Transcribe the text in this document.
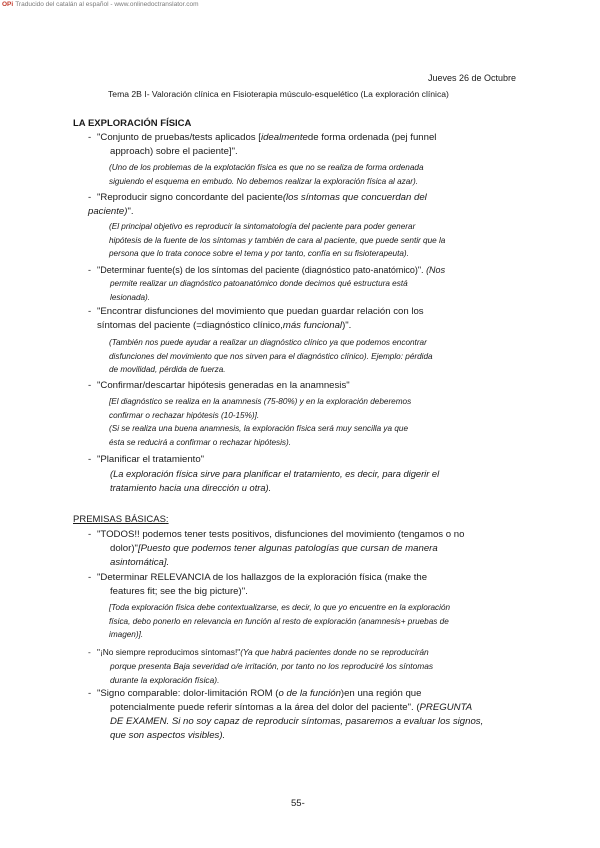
OPi Traducido del catalán al español - www.onlinedoctranslator.com
Jueves 26 de Octubre
Tema 2B I- Valoración clínica en Fisioterapia músculo-esquelético (La exploración clínica)
LA EXPLORACIÓN FÍSICA
- "Conjunto de pruebas/tests aplicados [idealmentede forma ordenada (pej funnel
approach) sobre el paciente]".
(Uno de los problemas de la explotación física es que no se realiza de forma ordenada
siguiendo el esquema en embudo. No debemos realizar la exploración física al azar).
- "Reproducir signo concordante del paciente(los síntomas que concuerdan del
paciente)".
(El principal objetivo es reproducir la sintomatología del paciente para poder generar
hipótesis de la fuente de los síntomas y también de cara al paciente, que puede sentir que la
persona que lo trata conoce sobre el tema y por tanto, confía en su fisioterapeuta).
- "Determinar fuente(s) de los síntomas del paciente (diagnóstico pato-anatómico)". (Nos
permite realizar un diagnóstico patoanatómico donde decimos qué estructura está
lesionada).
- "Encontrar disfunciones del movimiento que puedan guardar relación con los
síntomas del paciente (=diagnóstico clínico,más funcional)".
(También nos puede ayudar a realizar un diagnóstico clínico ya que podemos encontrar
disfunciones del movimiento que nos sirven para el diagnóstico clínico). Ejemplo: pérdida
de movilidad, pérdida de fuerza.
- "Confirmar/descartar hipótesis generadas en la anamnesis"
[El diagnóstico se realiza en la anamnesis (75-80%) y en la exploración deberemos
confirmar o rechazar hipótesis (10-15%)].
(Si se realiza una buena anamnesis, la exploración física será muy sencilla ya que
ésta se reducirá a confirmar o rechazar hipótesis).
- "Planificar el tratamiento"
(La exploración física sirve para planificar el tratamiento, es decir, para digerir el
tratamiento hacia una dirección u otra).
PREMISAS BÁSICAS:
- "TODOS!! podemos tener tests positivos, disfunciones del movimiento (tengamos o no
dolor)"[Puesto que podemos tener algunas patologías que cursan de manera
asintomática].
- "Determinar RELEVANCIA de los hallazgos de la exploración física (make the
features fit; see the big picture)".
[Toda exploración física debe contextualizarse, es decir, lo que yo encuentre en la exploración
física, debo ponerlo en relevancia en función al resto de exploración (anamnesis+ pruebas de
imagen)].
- "¡No siempre reproducimos síntomas!"(Ya que habrá pacientes donde no se reproducirán
porque presenta Baja severidad o/e irritación, por tanto no los reproduciré los síntomas
durante la exploración física).
- "Signo comparable: dolor-limitación ROM (o de la función)en una región que
potencialmente puede referir síntomas a la área del dolor del paciente". (PREGUNTA
DE EXAMEN. Si no soy capaz de reproducir síntomas, pasaremos a evaluar los signos,
que son aspectos visibles).
55-
